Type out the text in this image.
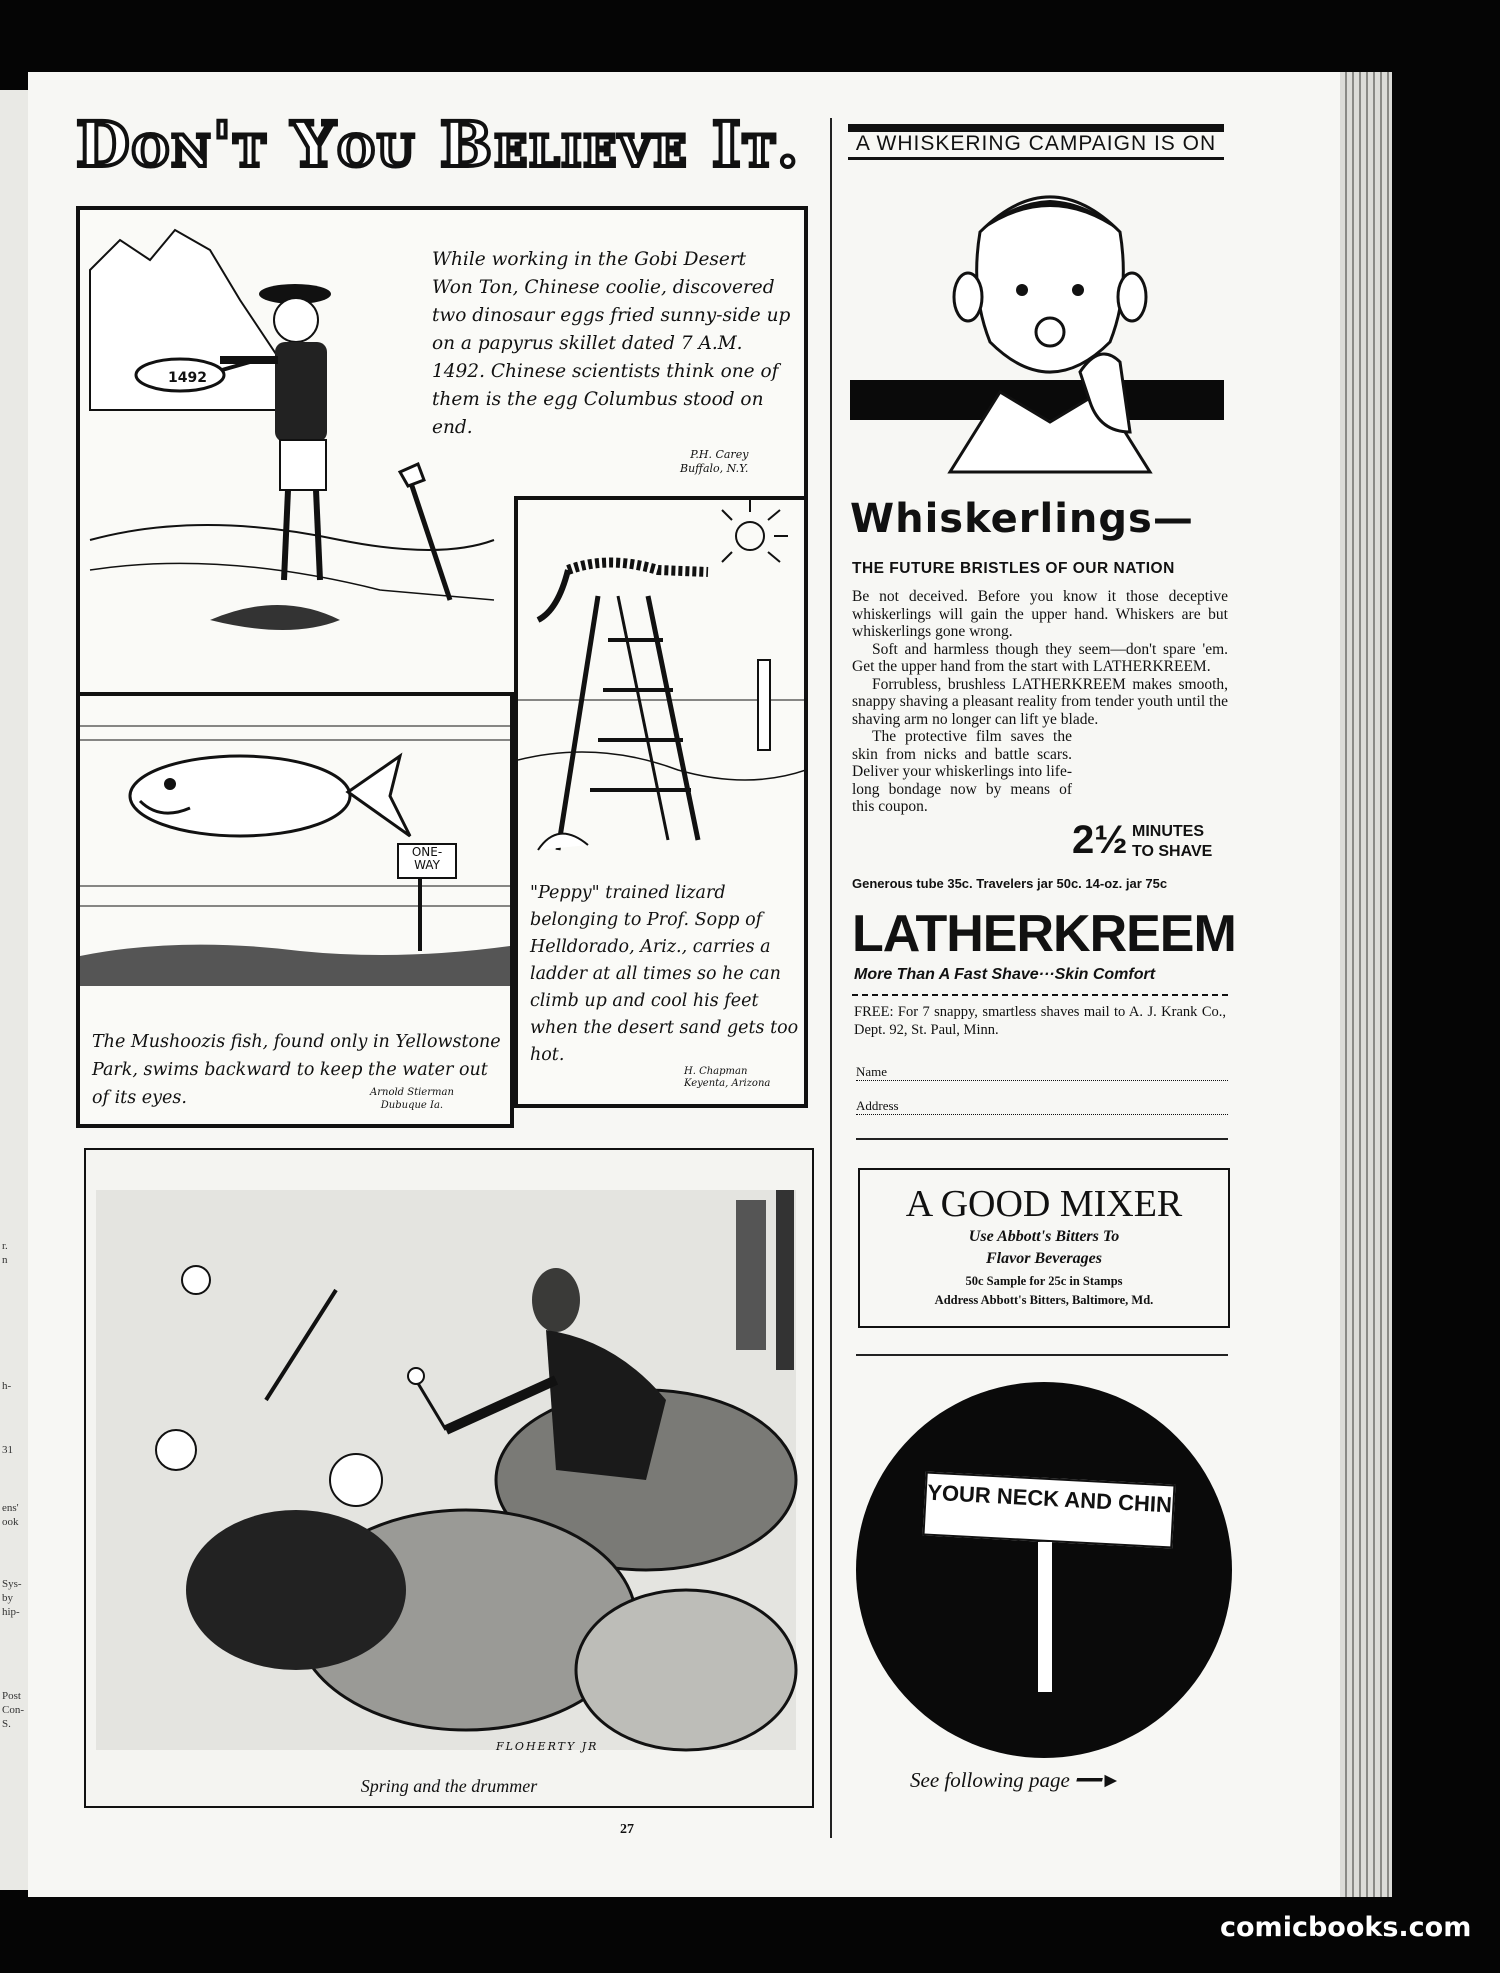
r.
n
h-
31
ens'
ook
Sys-
by
hip-
Post
Con-
S.
Don't You Believe It.
1492
While working in the Gobi Desert Won Ton, Chinese coolie, discovered two dinosaur eggs fried sunny-side up on a papyrus skillet dated 7 A.M. 1492. Chinese scientists think one of them is the egg Columbus stood on end.
P.H. Carey
Buffalo, N.Y.
ONE-WAY
The Mushoozis fish, found only in Yellowstone Park, swims backward to keep the water out of its eyes.	Arnold Stierman
Dubuque Ia.
"Peppy" trained lizard belonging to Prof. Sopp of Helldorado, Ariz., carries a ladder at all times so he can climb up and cool his feet when the desert sand gets too hot.
H. Chapman
Keyenta, Arizona
FLOHERTY JR
Spring and the drummer
27
A WHISKERING CAMPAIGN IS ON
Whiskerlings—
THE FUTURE BRISTLES OF OUR NATION
Be not deceived. Before you know it those deceptive whiskerlings will gain the upper hand. Whiskers are but whiskerlings gone wrong.
Soft and harmless though they seem—don't spare 'em. Get the upper hand from the start with LATHERKREEM.
Forrubless, brushless LATHERKREEM makes smooth, snappy shaving a pleasant reality from tender youth until the shaving arm no longer can lift ye blade.
The protective film saves the skin from nicks and battle scars. Deliver your whiskerlings into life-long bondage now by means of this coupon.
2½ MINUTES
TO SHAVE
Generous tube 35c. Travelers jar 50c. 14-oz. jar 75c
LATHERKREEM
More Than A Fast Shave···Skin Comfort
FREE: For 7 snappy, smartless shaves mail to A. J. Krank Co., Dept. 92, St. Paul, Minn.
Name
Address
A GOOD MIXER
Use Abbott's Bitters To
Flavor Beverages
50c Sample for 25c in Stamps
Address Abbott's Bitters, Baltimore, Md.
YOUR NECK AND CHIN
See following page ━━►
comicbooks.com
